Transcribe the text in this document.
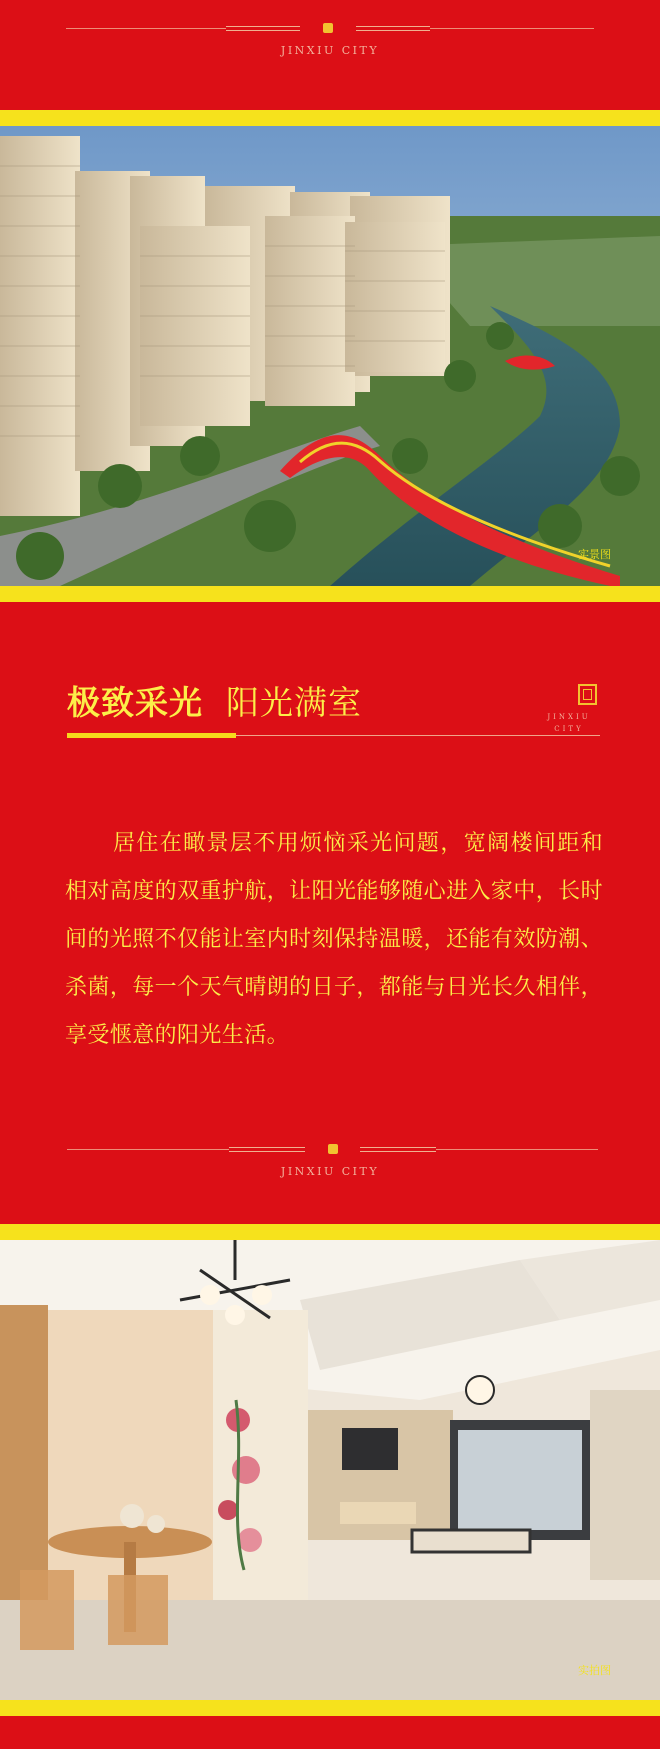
JINXIU CITY
实景图
极致采光 阳光满室	JINXIU CITY
居住在瞰景层不用烦恼采光问题，宽阔楼间距和相对高度的双重护航，让阳光能够随心进入家中，长时间的光照不仅能让室内时刻保持温暖，还能有效防潮、杀菌，每一个天气晴朗的日子，都能与日光长久相伴，享受惬意的阳光生活。
JINXIU CITY
实拍图
